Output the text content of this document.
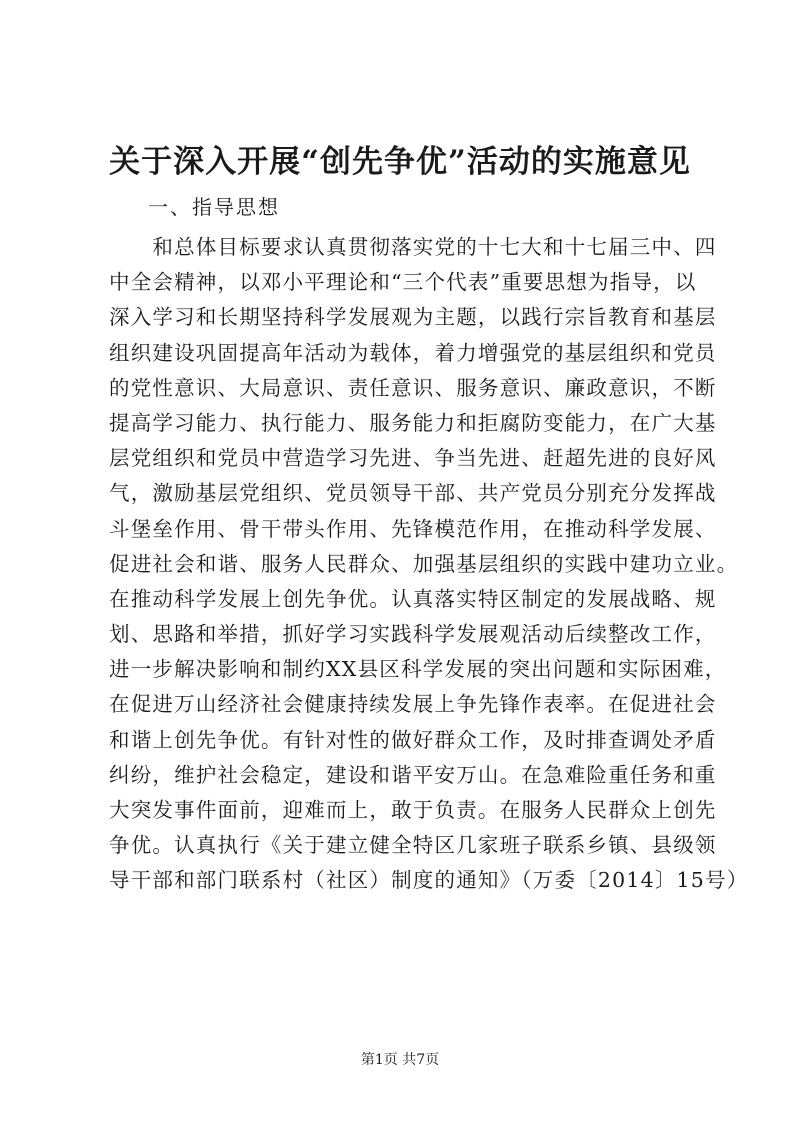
关于深入开展“创先争优”活动的实施意见
一、指导思想
　　和总体目标要求认真贯彻落实党的十七大和十七届三中、四
中全会精神，以邓小平理论和“三个代表”重要思想为指导，以
深入学习和长期坚持科学发展观为主题，以践行宗旨教育和基层
组织建设巩固提高年活动为载体，着力增强党的基层组织和党员
的党性意识、大局意识、责任意识、服务意识、廉政意识，不断
提高学习能力、执行能力、服务能力和拒腐防变能力，在广大基
层党组织和党员中营造学习先进、争当先进、赶超先进的良好风
气，激励基层党组织、党员领导干部、共产党员分别充分发挥战
斗堡垒作用、骨干带头作用、先锋模范作用，在推动科学发展、
促进社会和谐、服务人民群众、加强基层组织的实践中建功立业。
在推动科学发展上创先争优。认真落实特区制定的发展战略、规
划、思路和举措，抓好学习实践科学发展观活动后续整改工作，
进一步解决影响和制约XX县区科学发展的突出问题和实际困难，
在促进万山经济社会健康持续发展上争先锋作表率。在促进社会
和谐上创先争优。有针对性的做好群众工作，及时排查调处矛盾
纠纷，维护社会稳定，建设和谐平安万山。在急难险重任务和重
大突发事件面前，迎难而上，敢于负责。在服务人民群众上创先
争优。认真执行《关于建立健全特区几家班子联系乡镇、县级领
导干部和部门联系村（社区）制度的通知》（万委〔2014〕15号）
第1页 共7页
